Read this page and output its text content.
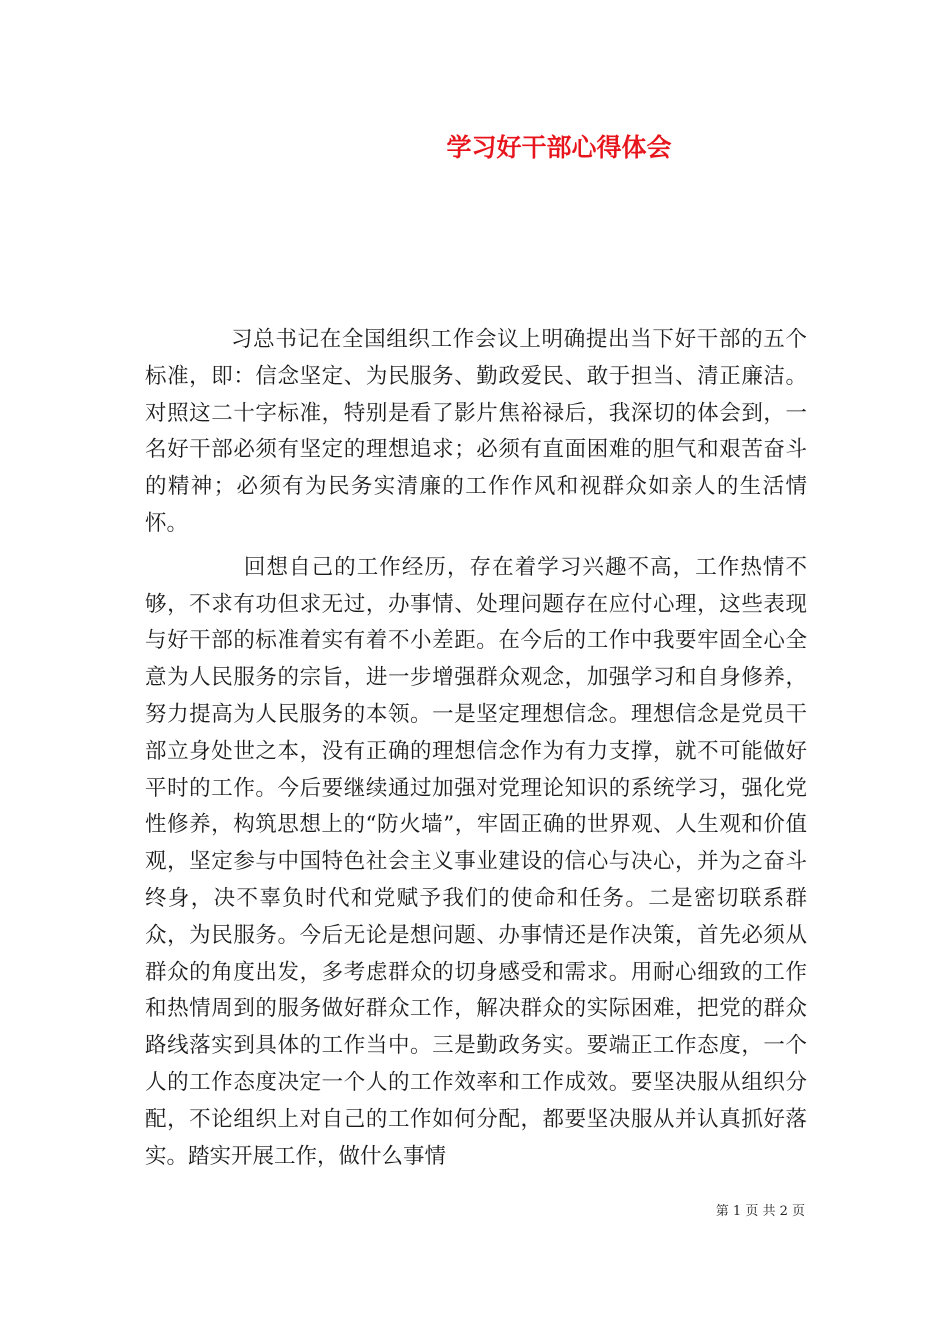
学习好干部心得体会

习总书记在全国组织工作会议上明确提出当下好干部的五个标准，即：信念坚定、为民服务、勤政爱民、敢于担当、清正廉洁。对照这二十字标准，特别是看了影片焦裕禄后，我深切的体会到，一名好干部必须有坚定的理想追求；必须有直面困难的胆气和艰苦奋斗的精神；必须有为民务实清廉的工作作风和视群众如亲人的生活情怀。

回想自己的工作经历，存在着学习兴趣不高，工作热情不够，不求有功但求无过，办事情、处理问题存在应付心理，这些表现与好干部的标准着实有着不小差距。在今后的工作中我要牢固全心全意为人民服务的宗旨，进一步增强群众观念，加强学习和自身修养，努力提高为人民服务的本领。一是坚定理想信念。理想信念是党员干部立身处世之本，没有正确的理想信念作为有力支撑，就不可能做好平时的工作。今后要继续通过加强对党理论知识的系统学习，强化党性修养，构筑思想上的“防火墙”，牢固正确的世界观、人生观和价值观，坚定参与中国特色社会主义事业建设的信心与决心，并为之奋斗终身，决不辜负时代和党赋予我们的使命和任务。二是密切联系群众，为民服务。今后无论是想问题、办事情还是作决策，首先必须从群众的角度出发，多考虑群众的切身感受和需求。用耐心细致的工作和热情周到的服务做好群众工作，解决群众的实际困难，把党的群众路线落实到具体的工作当中。三是勤政务实。要端正工作态度，一个人的工作态度决定一个人的工作效率和工作成效。要坚决服从组织分配，不论组织上对自己的工作如何分配，都要坚决服从并认真抓好落实。踏实开展工作，做什么事情

第 1 页 共 2 页
